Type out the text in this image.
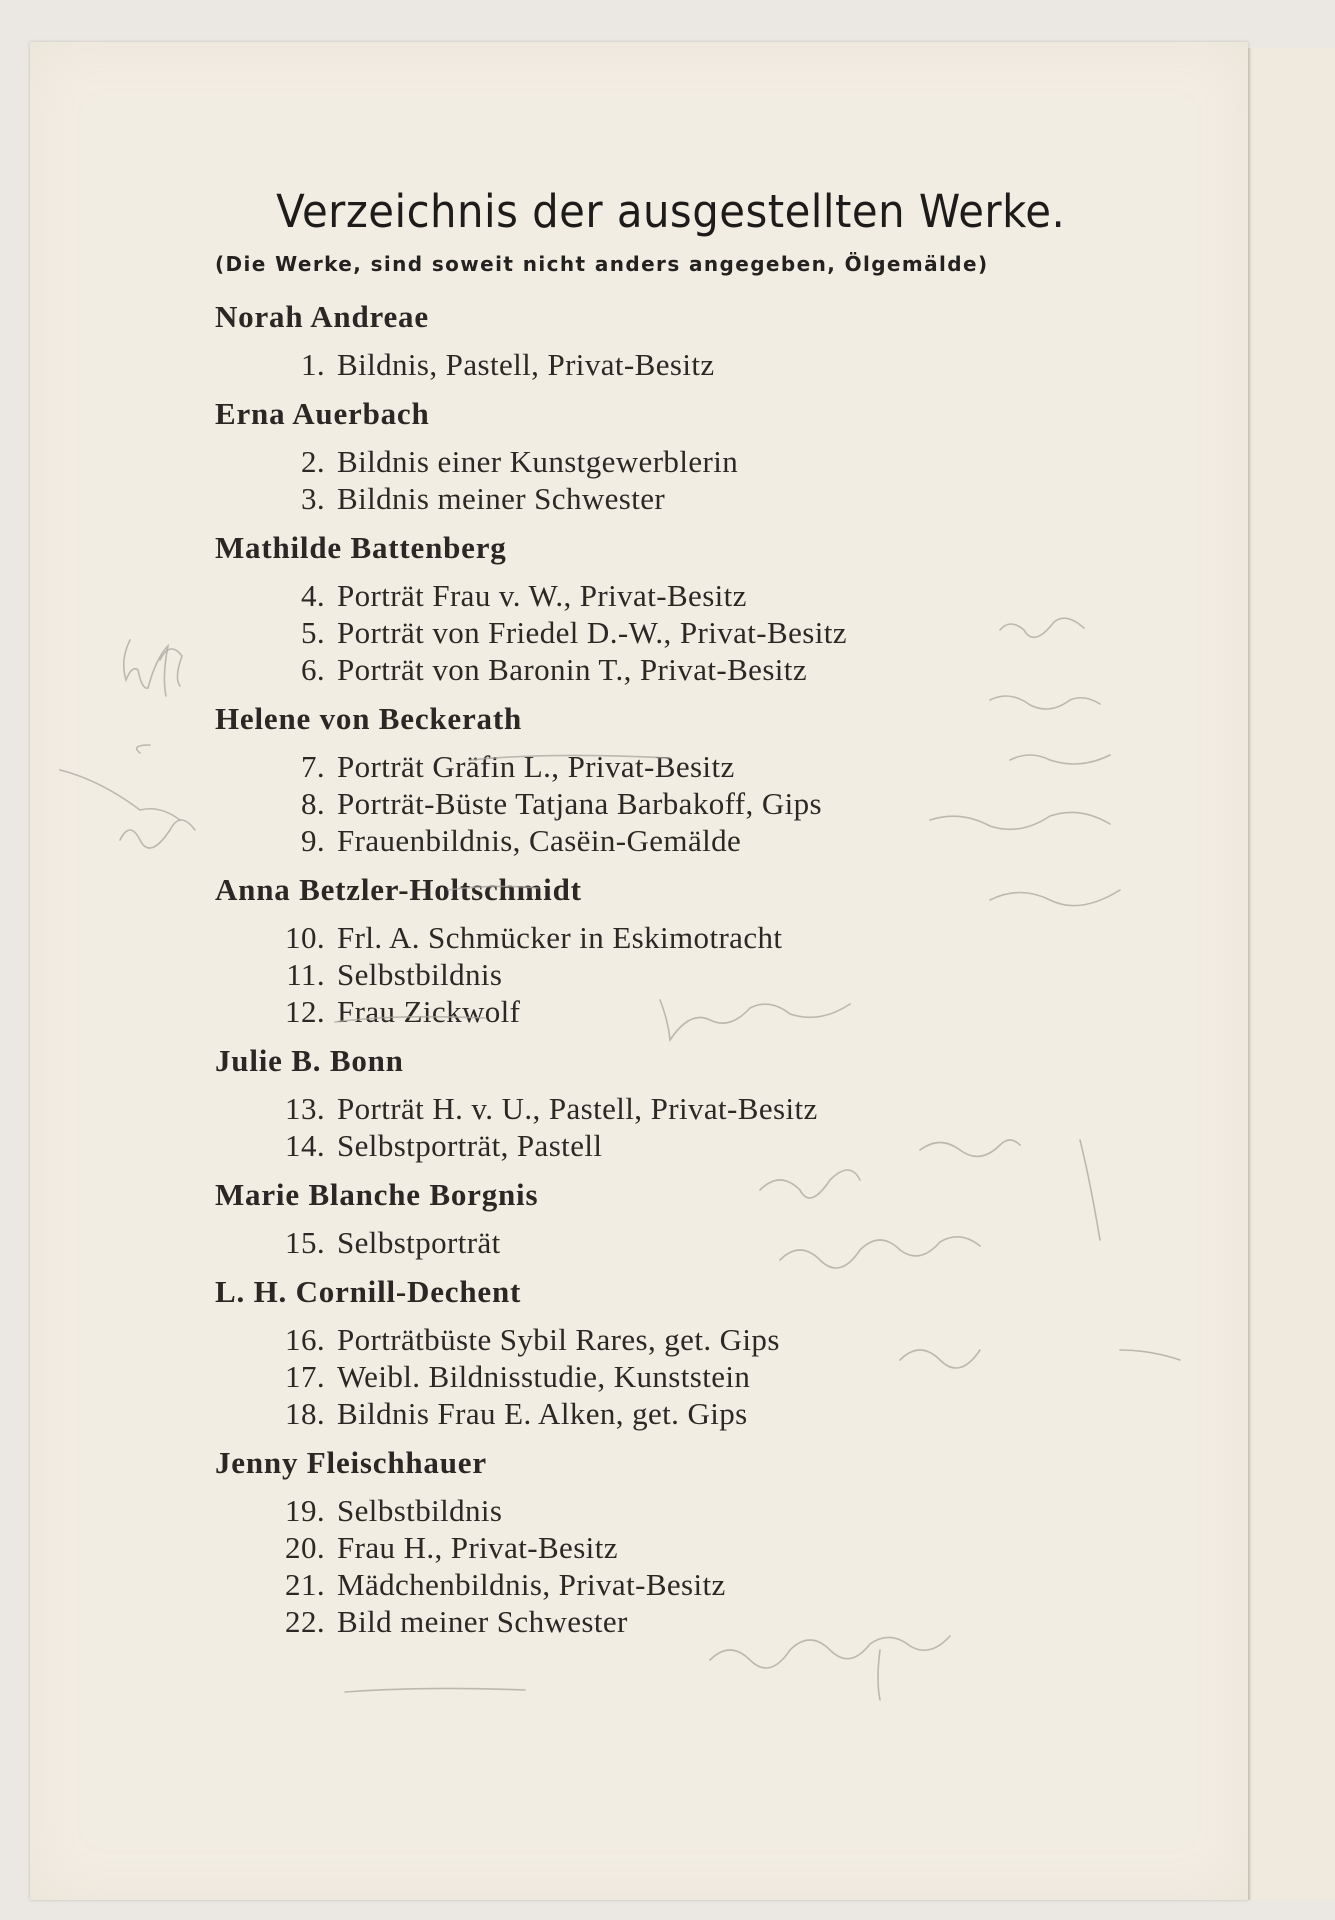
Verzeichnis der ausgestellten Werke.
(Die Werke, sind soweit nicht anders angegeben, Ölgemälde)
Norah Andreae
1. Bildnis, Pastell, Privat-Besitz
Erna Auerbach
2. Bildnis einer Kunstgewerblerin
3. Bildnis meiner Schwester
Mathilde Battenberg
4. Porträt Frau v. W., Privat-Besitz
5. Porträt von Friedel D.-W., Privat-Besitz
6. Porträt von Baronin T., Privat-Besitz
Helene von Beckerath
7. Porträt Gräfin L., Privat-Besitz
8. Porträt-Büste Tatjana Barbakoff, Gips
9. Frauenbildnis, Casëin-Gemälde
Anna Betzler-Holtschmidt
10. Frl. A. Schmücker in Eskimotracht
11. Selbstbildnis
12. Frau Zickwolf
Julie B. Bonn
13. Porträt H. v. U., Pastell, Privat-Besitz
14. Selbstporträt, Pastell
Marie Blanche Borgnis
15. Selbstporträt
L. H. Cornill-Dechent
16. Porträtbüste Sybil Rares, get. Gips
17. Weibl. Bildnisstudie, Kunststein
18. Bildnis Frau E. Alken, get. Gips
Jenny Fleischhauer
19. Selbstbildnis
20. Frau H., Privat-Besitz
21. Mädchenbildnis, Privat-Besitz
22. Bild meiner Schwester
